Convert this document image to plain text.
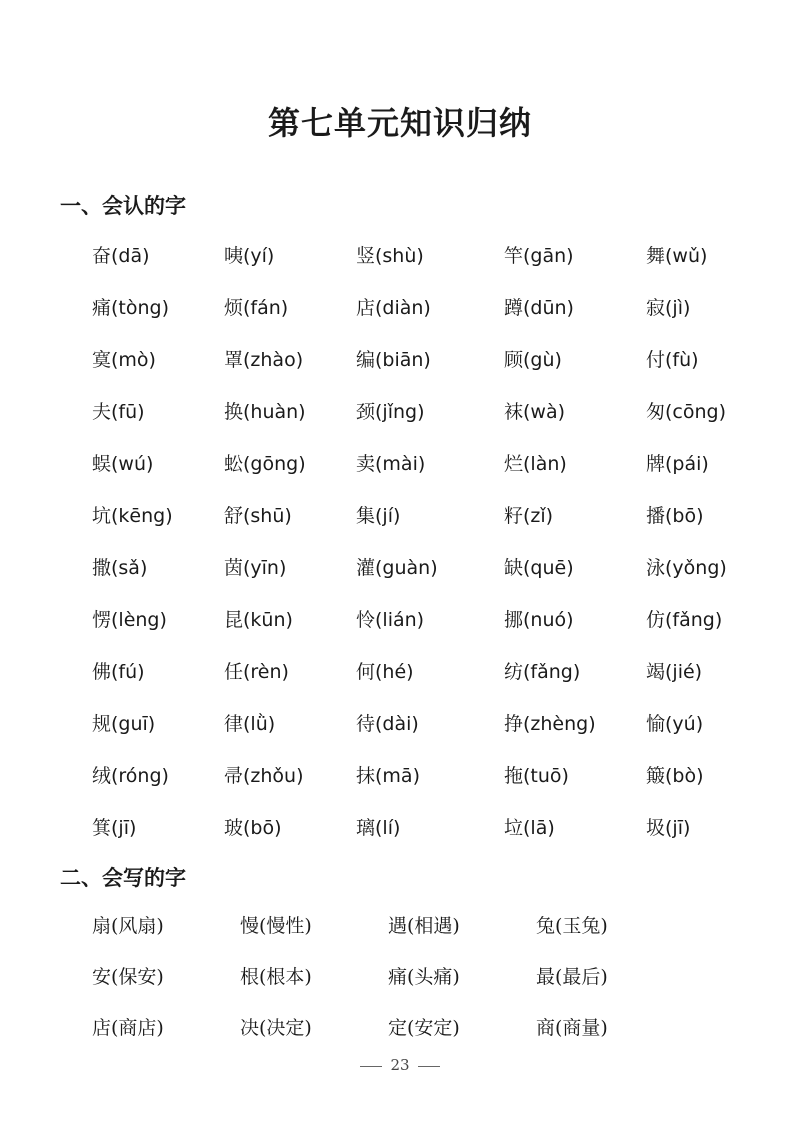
第七单元知识归纳
一、会认的字
奋(dā)	咦(yí)	竖(shù)	竿(gān)	舞(wǔ)
痛(tòng)	烦(fán)	店(diàn)	蹲(dūn)	寂(jì)
寞(mò)	罩(zhào)	编(biān)	顾(gù)	付(fù)
夫(fū)	换(huàn)	颈(jǐng)	袜(wà)	匆(cōng)
蜈(wú)	蚣(gōng)	卖(mài)	烂(làn)	牌(pái)
坑(kēng)	舒(shū)	集(jí)	籽(zǐ)	播(bō)
撒(sǎ)	茵(yīn)	灌(guàn)	缺(quē)	泳(yǒng)
愣(lèng)	昆(kūn)	怜(lián)	挪(nuó)	仿(fǎng)
佛(fú)	任(rèn)	何(hé)	纺(fǎng)	竭(jié)
规(guī)	律(lǜ)	待(dài)	挣(zhèng)	愉(yú)
绒(róng)	帚(zhǒu)	抹(mā)	拖(tuō)	簸(bò)
箕(jī)	玻(bō)	璃(lí)	垃(lā)	圾(jī)
二、会写的字
扇(风扇)	慢(慢性)	遇(相遇)	兔(玉兔)
安(保安)	根(根本)	痛(头痛)	最(最后)
店(商店)	决(决定)	定(安定)	商(商量)
23
